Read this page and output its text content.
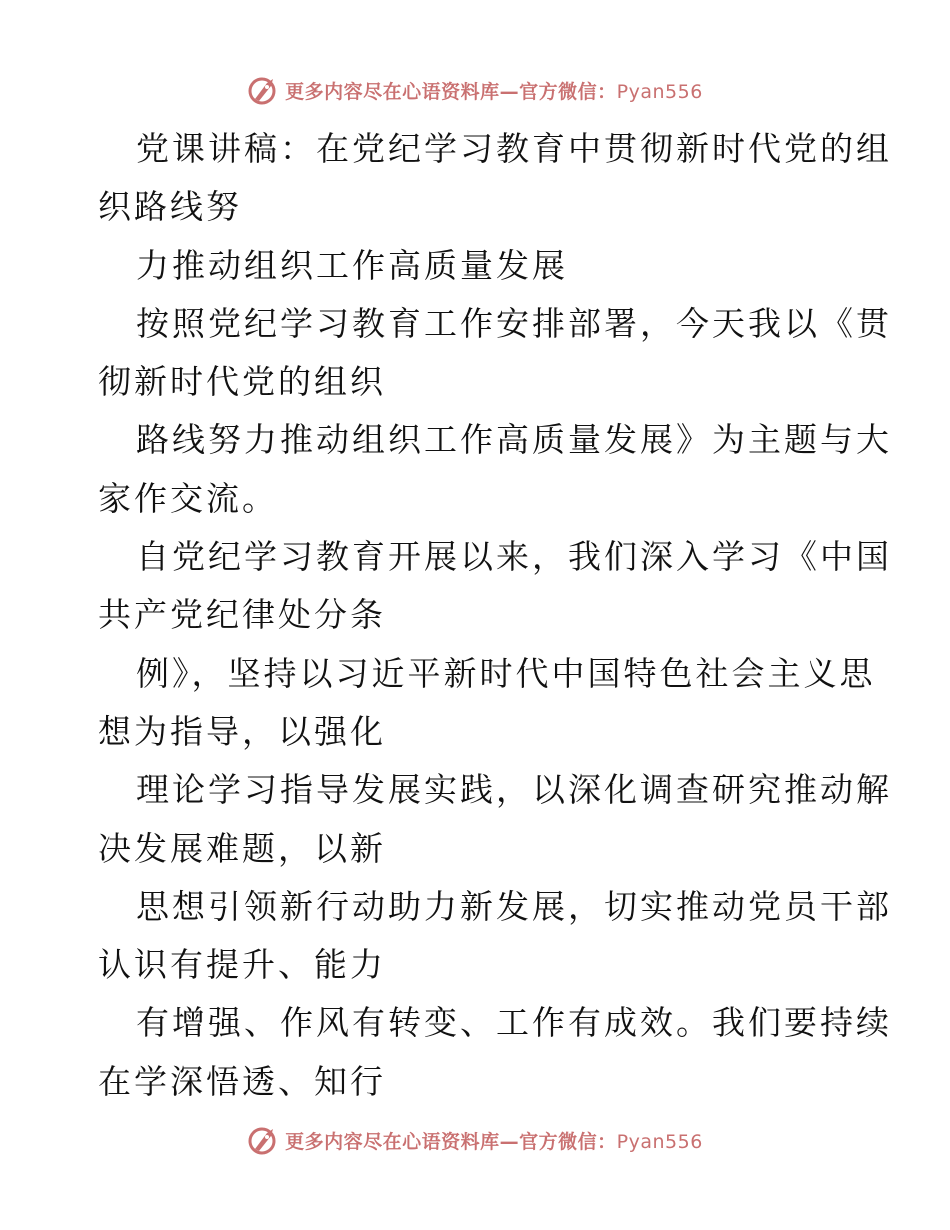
更多内容尽在心语资料库—官方微信：Pyan556

党课讲稿：在党纪学习教育中贯彻新时代党的组

织路线努

力推动组织工作高质量发展

按照党纪学习教育工作安排部署，今天我以《贯

彻新时代党的组织

路线努力推动组织工作高质量发展》为主题与大

家作交流。

自党纪学习教育开展以来，我们深入学习《中国

共产党纪律处分条

例》，坚持以习近平新时代中国特色社会主义思

想为指导，以强化

理论学习指导发展实践，以深化调查研究推动解

决发展难题，以新

思想引领新行动助力新发展，切实推动党员干部

认识有提升、能力

有增强、作风有转变、工作有成效。我们要持续

在学深悟透、知行

更多内容尽在心语资料库—官方微信：Pyan556
